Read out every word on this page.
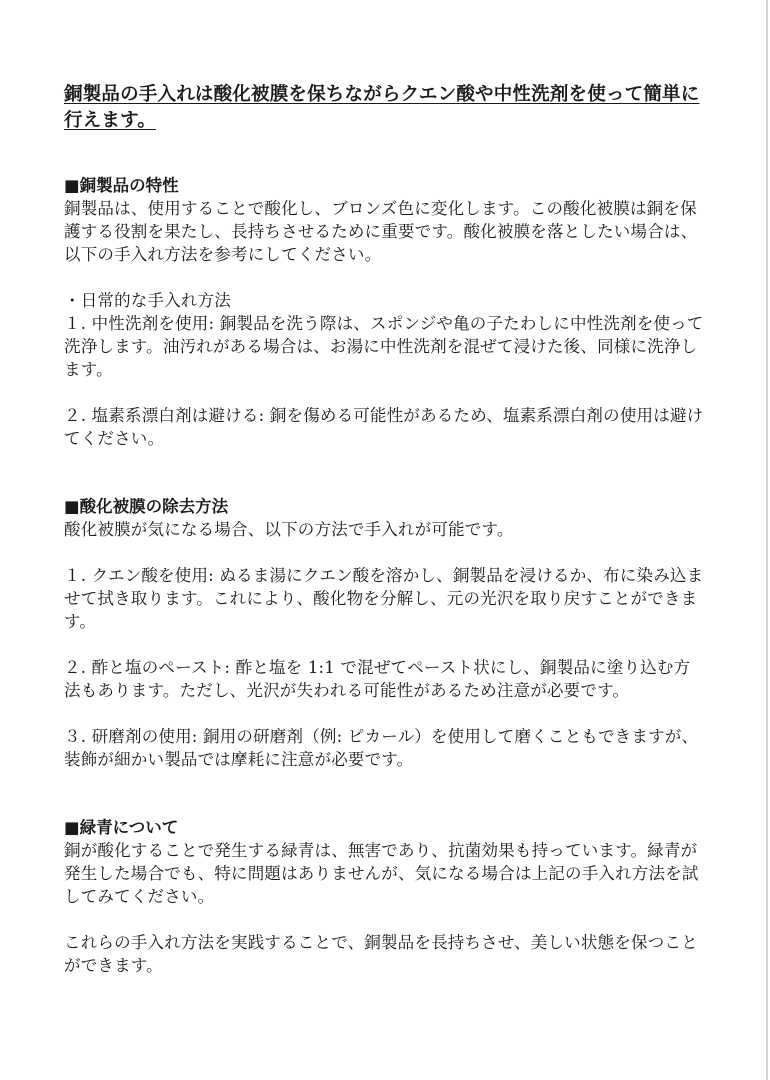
銅製品の手入れは酸化被膜を保ちながらクエン酸や中性洗剤を使って簡単に行えます。

■銅製品の特性

銅製品は、使用することで酸化し、ブロンズ色に変化します。この酸化被膜は銅を保護する役割を果たし、長持ちさせるために重要です。酸化被膜を落としたい場合は、以下の手入れ方法を参考にしてください。

・日常的な手入れ方法

１. 中性洗剤を使用: 銅製品を洗う際は、スポンジや亀の子たわしに中性洗剤を使って洗浄します。油汚れがある場合は、お湯に中性洗剤を混ぜて浸けた後、同様に洗浄します。

２. 塩素系漂白剤は避ける: 銅を傷める可能性があるため、塩素系漂白剤の使用は避けてください。

■酸化被膜の除去方法

酸化被膜が気になる場合、以下の方法で手入れが可能です。

１. クエン酸を使用: ぬるま湯にクエン酸を溶かし、銅製品を浸けるか、布に染み込ませて拭き取ります。これにより、酸化物を分解し、元の光沢を取り戻すことができます。

２. 酢と塩のペースト: 酢と塩を 1:1 で混ぜてペースト状にし、銅製品に塗り込む方法もあります。ただし、光沢が失われる可能性があるため注意が必要です。

３. 研磨剤の使用: 銅用の研磨剤（例: ピカール）を使用して磨くこともできますが、装飾が細かい製品では摩耗に注意が必要です。

■緑青について

銅が酸化することで発生する緑青は、無害であり、抗菌効果も持っています。緑青が発生した場合でも、特に問題はありませんが、気になる場合は上記の手入れ方法を試してみてください。

これらの手入れ方法を実践することで、銅製品を長持ちさせ、美しい状態を保つことができます。
